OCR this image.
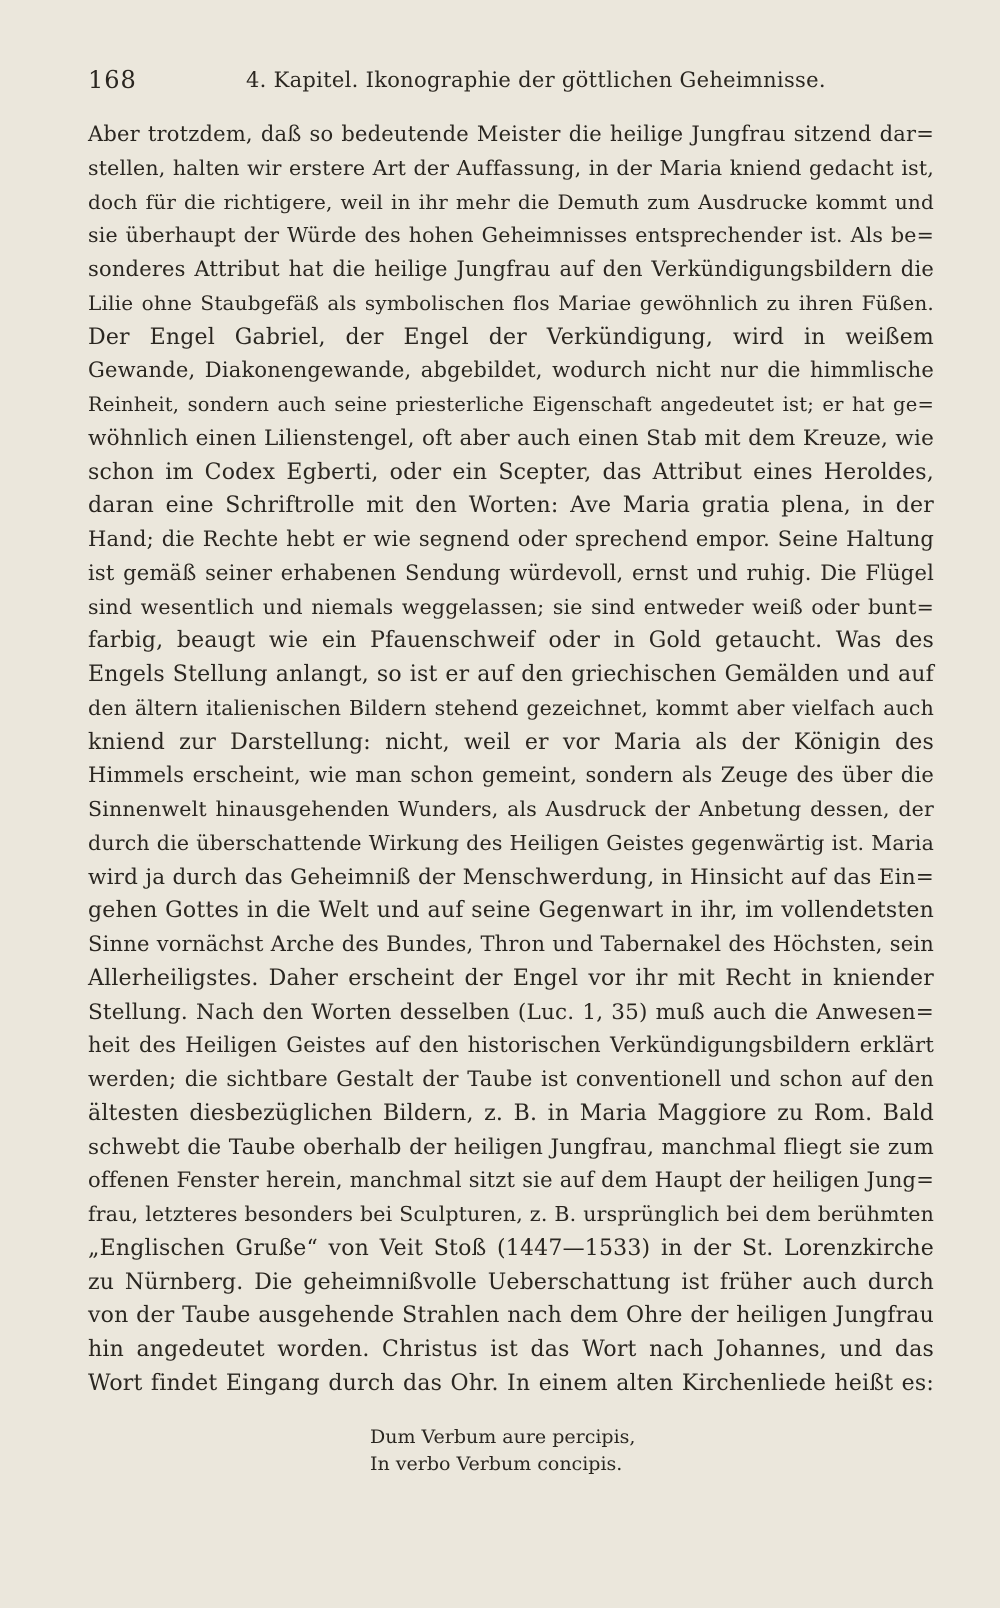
168	4. Kapitel. Ikonographie der göttlichen Geheimnisse.
Aber trotzdem, daß so bedeutende Meister die heilige Jungfrau sitzend dar=
stellen, halten wir erstere Art der Auffassung, in der Maria kniend gedacht ist,
doch für die richtigere, weil in ihr mehr die Demuth zum Ausdrucke kommt und
sie überhaupt der Würde des hohen Geheimnisses entsprechender ist. Als be=
sonderes Attribut hat die heilige Jungfrau auf den Verkündigungsbildern die
Lilie ohne Staubgefäß als symbolischen flos Mariae gewöhnlich zu ihren Füßen.
Der Engel Gabriel, der Engel der Verkündigung, wird in weißem
Gewande, Diakonengewande, abgebildet, wodurch nicht nur die himmlische
Reinheit, sondern auch seine priesterliche Eigenschaft angedeutet ist; er hat ge=
wöhnlich einen Lilienstengel, oft aber auch einen Stab mit dem Kreuze, wie
schon im Codex Egberti, oder ein Scepter, das Attribut eines Heroldes,
daran eine Schriftrolle mit den Worten: Ave Maria gratia plena, in der
Hand; die Rechte hebt er wie segnend oder sprechend empor. Seine Haltung
ist gemäß seiner erhabenen Sendung würdevoll, ernst und ruhig. Die Flügel
sind wesentlich und niemals weggelassen; sie sind entweder weiß oder bunt=
farbig, beaugt wie ein Pfauenschweif oder in Gold getaucht. Was des
Engels Stellung anlangt, so ist er auf den griechischen Gemälden und auf
den ältern italienischen Bildern stehend gezeichnet, kommt aber vielfach auch
kniend zur Darstellung: nicht, weil er vor Maria als der Königin des
Himmels erscheint, wie man schon gemeint, sondern als Zeuge des über die
Sinnenwelt hinausgehenden Wunders, als Ausdruck der Anbetung dessen, der
durch die überschattende Wirkung des Heiligen Geistes gegenwärtig ist. Maria
wird ja durch das Geheimniß der Menschwerdung, in Hinsicht auf das Ein=
gehen Gottes in die Welt und auf seine Gegenwart in ihr, im vollendetsten
Sinne vornächst Arche des Bundes, Thron und Tabernakel des Höchsten, sein
Allerheiligstes. Daher erscheint der Engel vor ihr mit Recht in kniender
Stellung. Nach den Worten desselben (Luc. 1, 35) muß auch die Anwesen=
heit des Heiligen Geistes auf den historischen Verkündigungsbildern erklärt
werden; die sichtbare Gestalt der Taube ist conventionell und schon auf den
ältesten diesbezüglichen Bildern, z. B. in Maria Maggiore zu Rom. Bald
schwebt die Taube oberhalb der heiligen Jungfrau, manchmal fliegt sie zum
offenen Fenster herein, manchmal sitzt sie auf dem Haupt der heiligen Jung=
frau, letzteres besonders bei Sculpturen, z. B. ursprünglich bei dem berühmten
„Englischen Gruße“ von Veit Stoß (1447—1533) in der St. Lorenzkirche
zu Nürnberg. Die geheimnißvolle Ueberschattung ist früher auch durch
von der Taube ausgehende Strahlen nach dem Ohre der heiligen Jungfrau
hin angedeutet worden. Christus ist das Wort nach Johannes, und das
Wort findet Eingang durch das Ohr. In einem alten Kirchenliede heißt es:
Dum Verbum aure percipis,
In verbo Verbum concipis.
